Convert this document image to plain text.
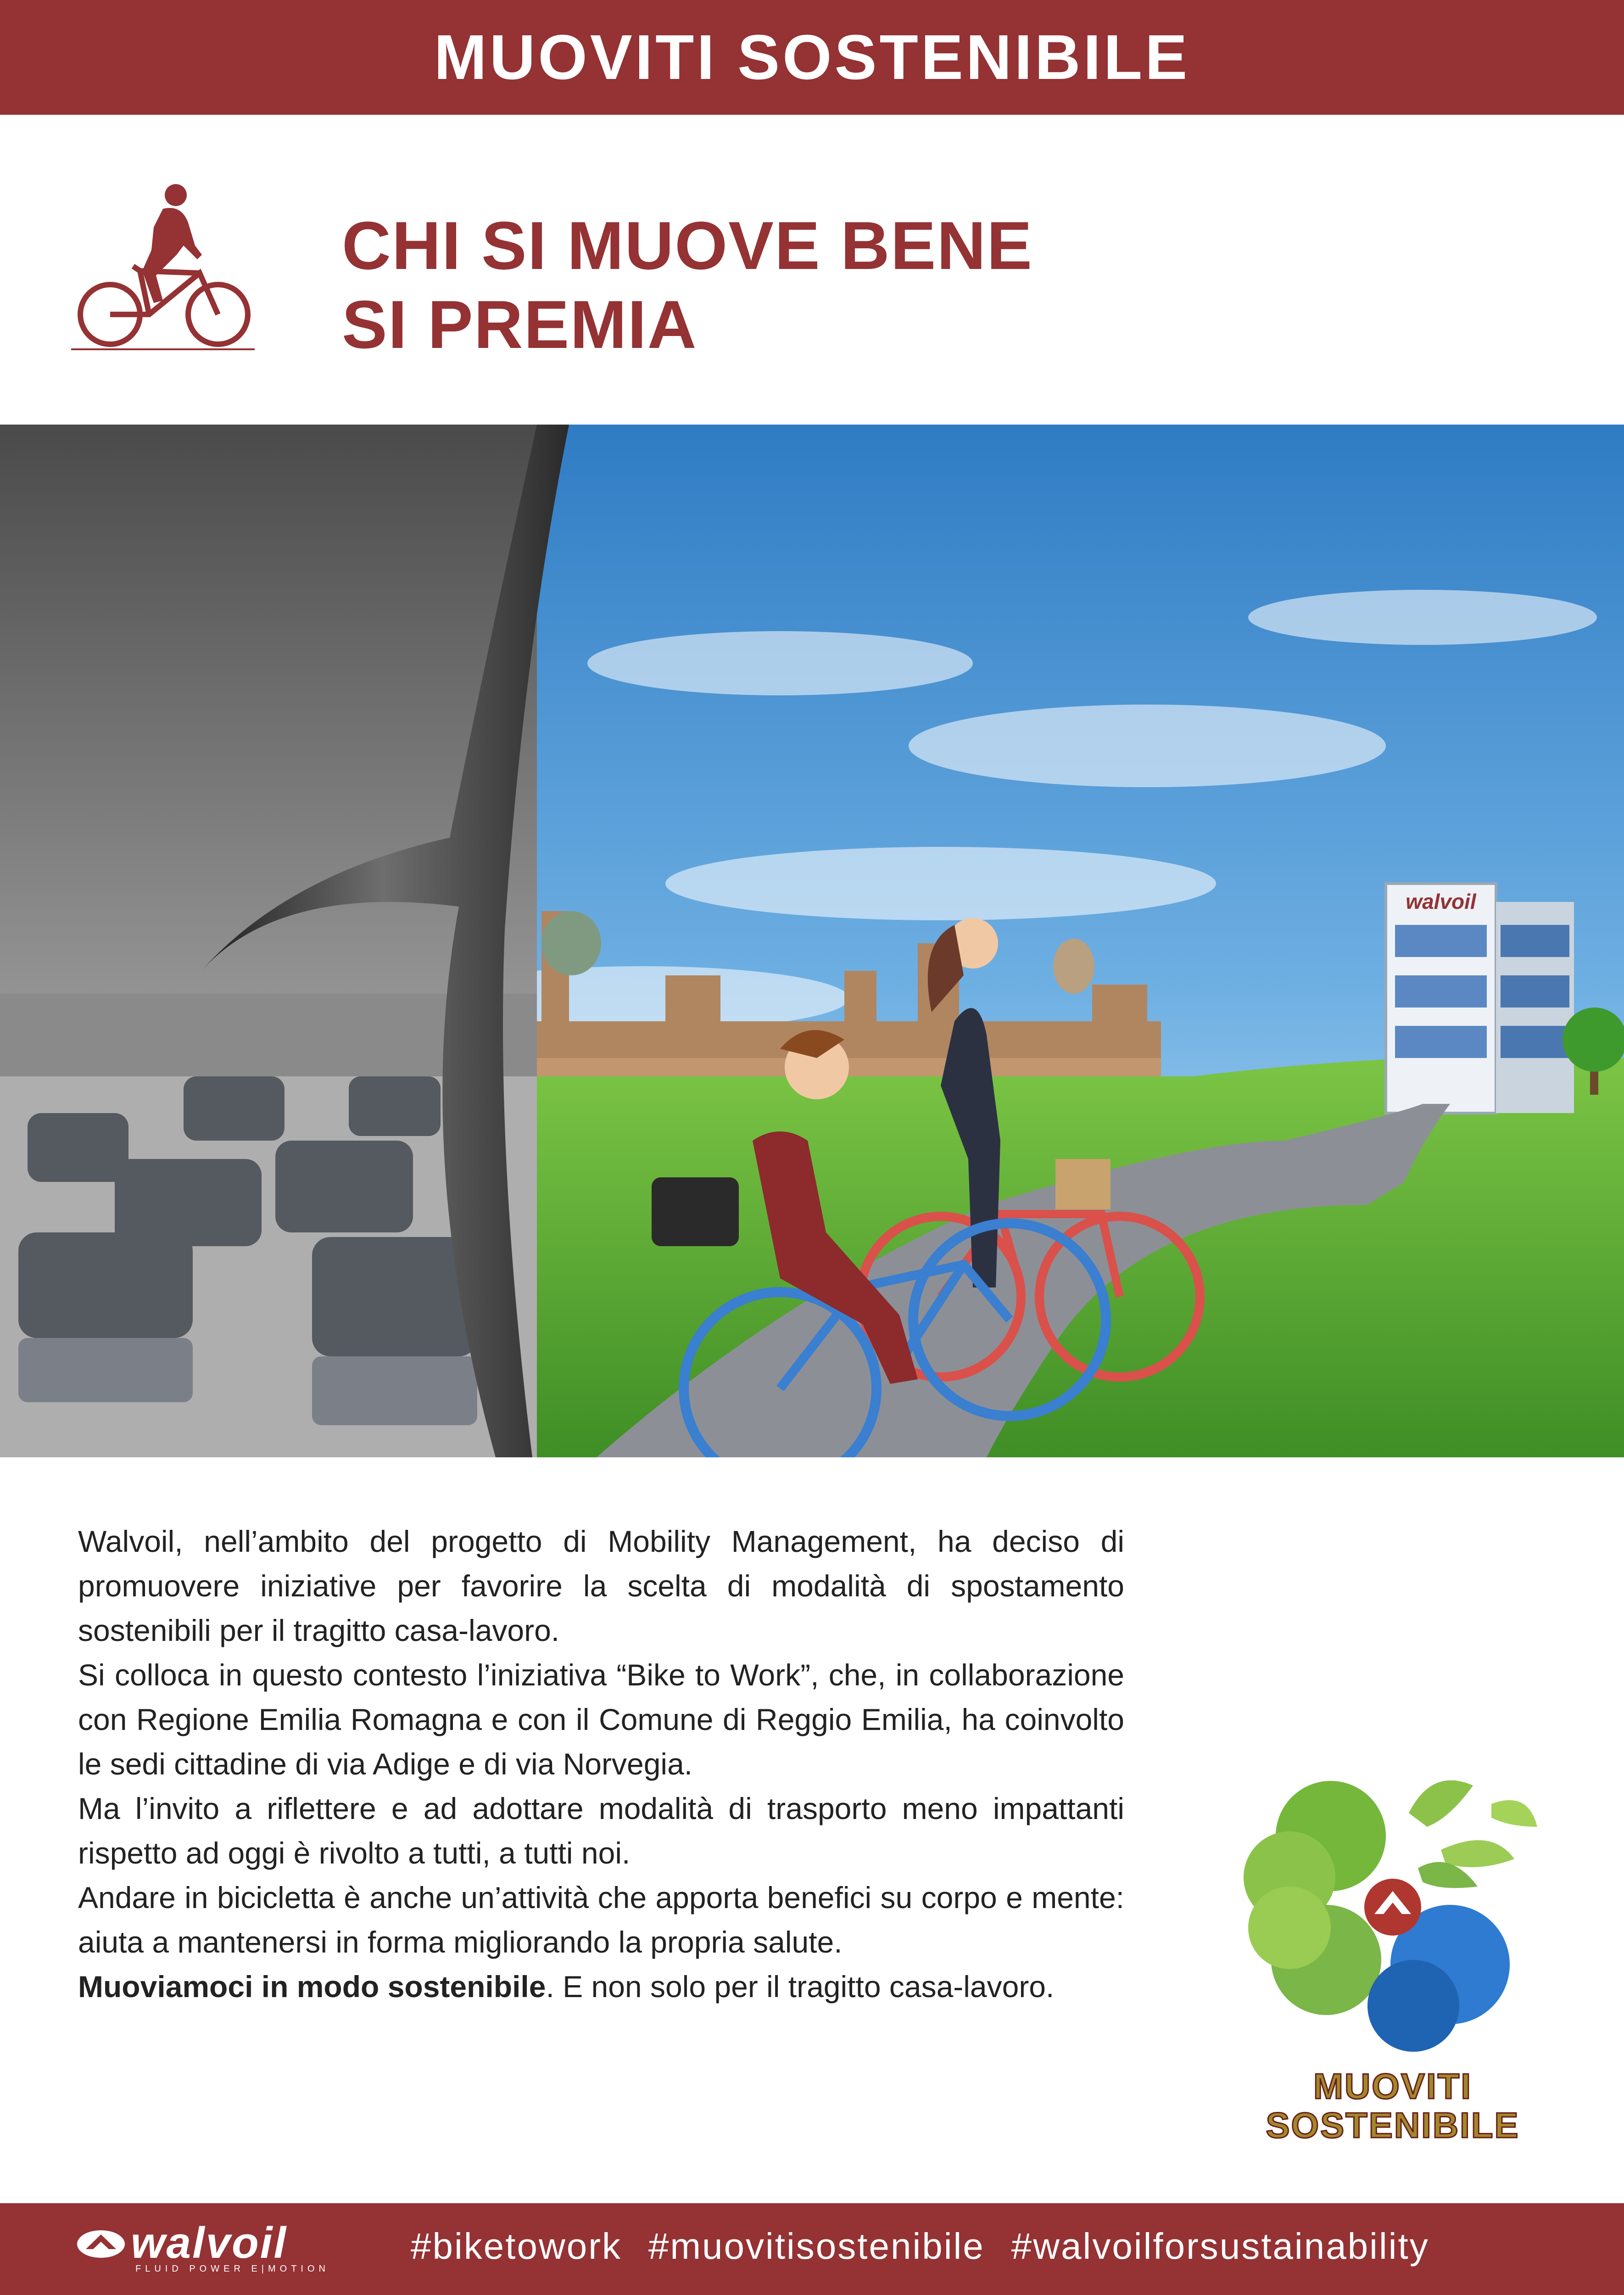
MUOVITI SOSTENIBILE
CHI SI MUOVE BENE
SI PREMIA
walvoil

Walvoil, nell’ambito del progetto di Mobility Management, ha deciso di promuovere iniziative per favorire la scelta di modalità di spostamento sostenibili per il tragitto casa-lavoro.

Si colloca in questo contesto l’iniziativa “Bike to Work”, che, in collaborazione con Regione Emilia Romagna e con il Comune di Reggio Emilia, ha coinvolto le sedi cittadine di via Adige e di via Norvegia.

Ma l’invito a riflettere e ad adottare modalità di trasporto meno impattanti rispetto ad oggi è rivolto a tutti, a tutti noi.

Andare in bicicletta è anche un’attività che apporta benefici su corpo e mente: aiuta a mantenersi in forma migliorando la propria salute.

Muoviamoci in modo sostenibile. E non solo per il tragitto casa-lavoro.

MUOVITI
SOSTENIBILE
walvoil
FLUID POWER E|MOTION
#biketowork #muovitisostenibile #walvoilforsustainability
